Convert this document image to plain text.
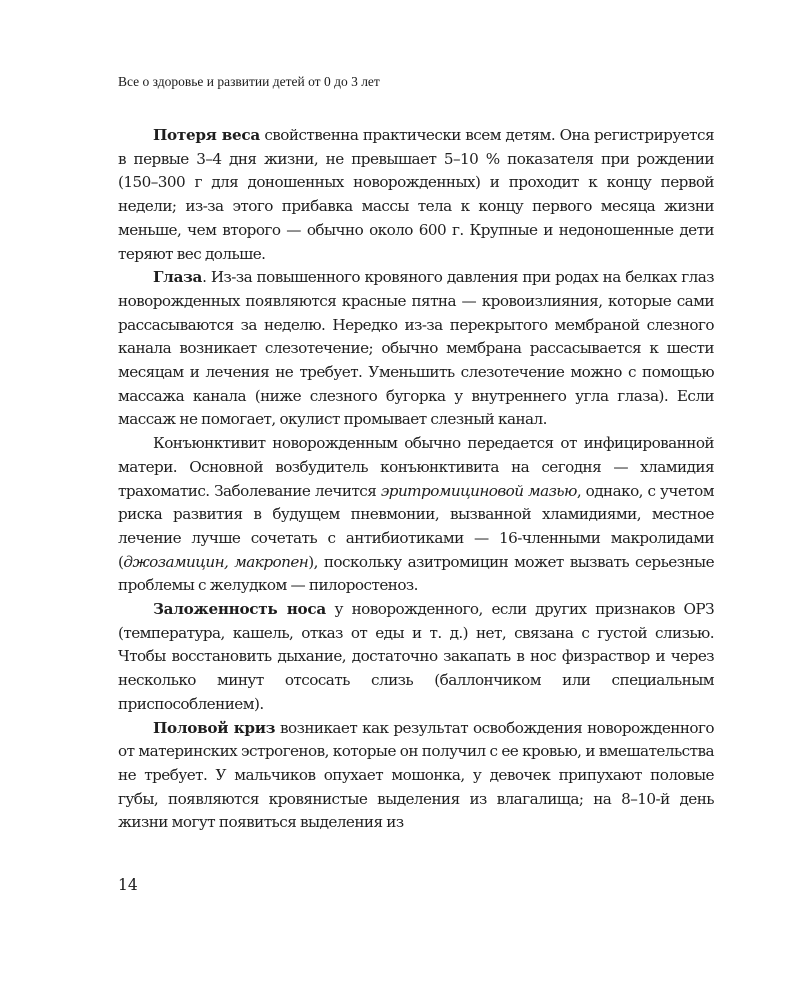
Все о здоровье и развитии детей от 0 до 3 лет

Потеря веса свойственна практически всем детям. Она регистрируется в первые 3–4 дня жизни, не превышает 5–10 % показателя при рождении (150–300 г для доношенных новорожденных) и проходит к концу первой недели; из-за этого прибавка массы тела к концу первого месяца жизни меньше, чем второго — обычно около 600 г. Крупные и недоношенные дети теряют вес дольше.

Глаза. Из-за повышенного кровяного давления при родах на белках глаз новорожденных появляются красные пятна — кровоизлияния, которые сами рассасываются за неделю. Нередко из-за перекрытого мембраной слезного канала возникает слезотечение; обычно мембрана рассасывается к шести месяцам и лечения не требует. Уменьшить слезотечение можно с помощью массажа канала (ниже слезного бугорка у внутреннего угла глаза). Если массаж не помогает, окулист промывает слезный канал.

Конъюнктивит новорожденным обычно передается от инфицированной матери. Основной возбудитель конъюнктивита на сегодня — хламидия трахоматис. Заболевание лечится эритромициновой мазью, однако, с учетом риска развития в будущем пневмонии, вызванной хламидиями, местное лечение лучше сочетать с антибиотиками — 16-членными макролидами (джозамицин, макропен), поскольку азитромицин может вызвать серьезные проблемы с желудком — пилоростеноз.

Заложенность носа у новорожденного, если других признаков ОРЗ (температура, кашель, отказ от еды и т. д.) нет, связана с густой слизью. Чтобы восстановить дыхание, достаточно закапать в нос физраствор и через несколько минут отсосать слизь (баллончиком или специальным приспособлением).

Половой криз возникает как результат освобождения новорожденного от материнских эстрогенов, которые он получил с ее кровью, и вмешательства не требует. У мальчиков опухает мошонка, у девочек припухают половые губы, появляются кровянистые выделения из влагалища; на 8–10-й день жизни могут появиться выделения из

14
